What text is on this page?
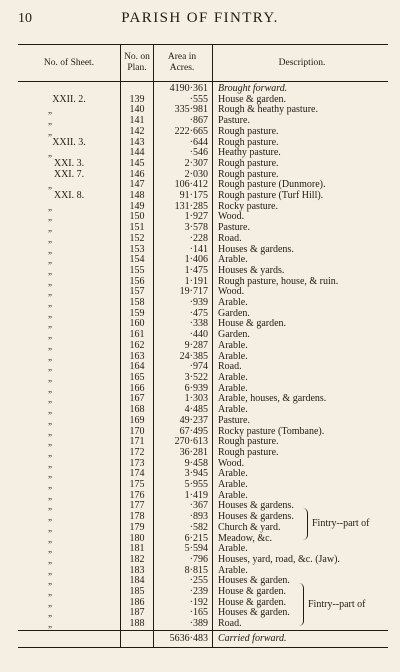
10	PARISH OF FINTRY.
No. of Sheet.	No. on Plan.	Area in Acres.	Description.
		4190·361	Brought forward.
XXII. 2.	139	·555	House & garden.
„	140	335·981	Rough & heathy pasture.
„	141	·867	Pasture.
„	142	222·665	Rough pasture.
XXII. 3.	143	·644	Rough pasture.
„	144	·546	Heathy pasture.
XXI. 3.	145	2·307	Rough pasture.
XXI. 7.	146	2·030	Rough pasture.
„	147	106·412	Rough pasture (Dunmore).
XXI. 8.	148	91·175	Rough pasture (Turf Hill).
„	149	131·285	Rocky pasture.
„	150	1·927	Wood.
„	151	3·578	Pasture.
„	152	·228	Road.
„	153	·141	Houses & gardens.
„	154	1·406	Arable.
„	155	1·475	Houses & yards.
„	156	1·191	Rough pasture, house, & ruin.
„	157	19·717	Wood.
„	158	·939	Arable.
„	159	·475	Garden.
„	160	·338	House & garden.
„	161	·440	Garden.
„	162	9·287	Arable.
„	163	24·385	Arable.
„	164	·974	Road.
„	165	3·522	Arable.
„	166	6·939	Arable.
„	167	1·303	Arable, houses, & gardens.
„	168	4·485	Arable.
„	169	49·237	Pasture.
„	170	67·495	Rocky pasture (Tombane).
„	171	270·613	Rough pasture.
„	172	36·281	Rough pasture.
„	173	9·458	Wood.
„	174	3·945	Arable.
„	175	5·955	Arable.
„	176	1·419	Arable.
„	177	·367	Houses & gardens.
„	178	·893	Houses & gardens.
„	179	·582	Church & yard.
„	180	6·215	Meadow, &c.
„	181	5·594	Arable.
„	182	·796	Houses, yard, road, &c. (Jaw).
„	183	8·815	Arable.
„	184	·255	Houses & garden.
„	185	·239	House & garden.
„	186	·192	House & garden.
„	187	·165	Houses & garden.
„	188	·389	Road.
		5636·483	Carried forward.
Fintry--part of
Fintry--part of
